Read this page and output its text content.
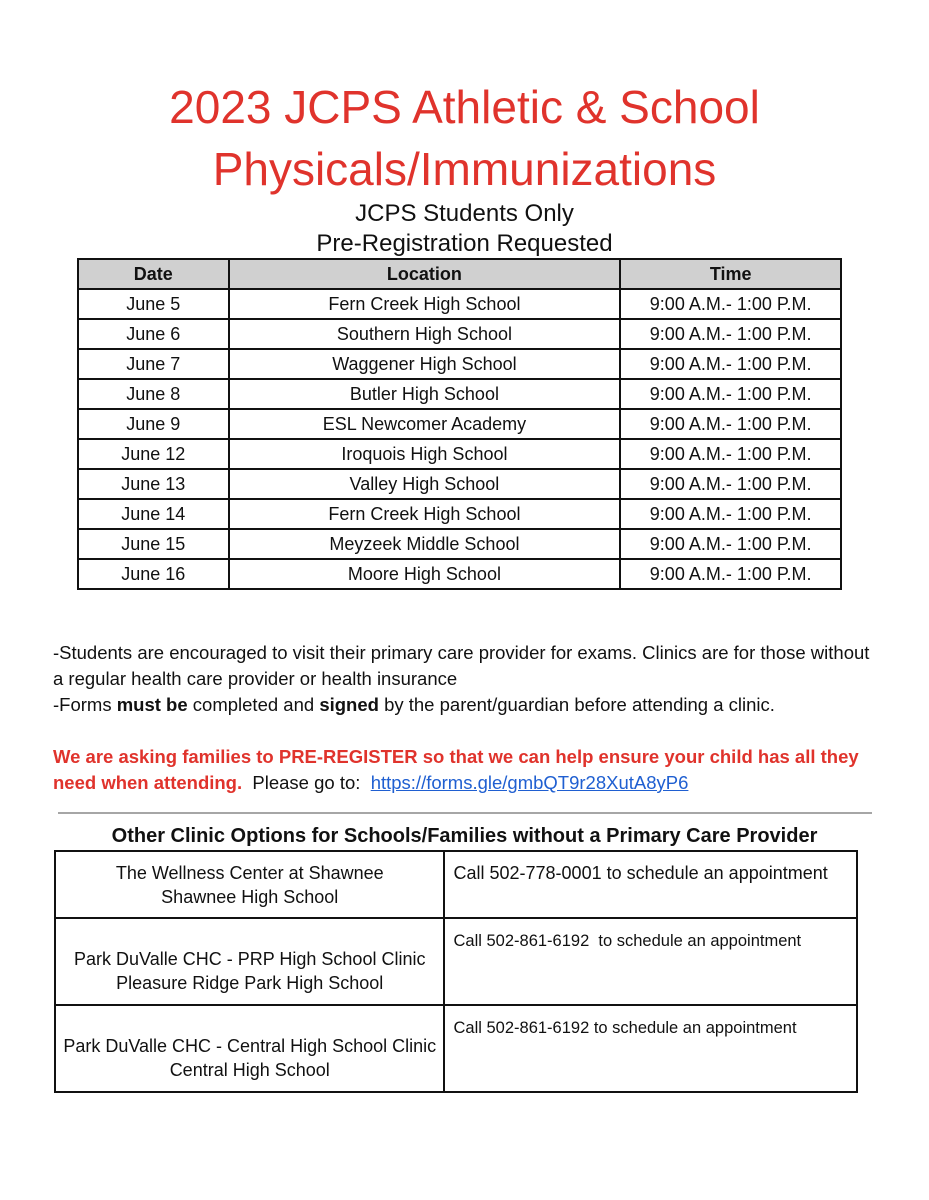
2023 JCPS Athletic & School
Physicals/Immunizations
JCPS Students Only
Pre-Registration Requested
Date	Location	Time
June 5	Fern Creek High School	9:00 A.M.- 1:00 P.M.
June 6	Southern High School	9:00 A.M.- 1:00 P.M.
June 7	Waggener High School	9:00 A.M.- 1:00 P.M.
June 8	Butler High School	9:00 A.M.- 1:00 P.M.
June 9	ESL Newcomer Academy	9:00 A.M.- 1:00 P.M.
June 12	Iroquois High School	9:00 A.M.- 1:00 P.M.
June 13	Valley High School	9:00 A.M.- 1:00 P.M.
June 14	Fern Creek High School	9:00 A.M.- 1:00 P.M.
June 15	Meyzeek Middle School	9:00 A.M.- 1:00 P.M.
June 16	Moore High School	9:00 A.M.- 1:00 P.M.

-Students are encouraged to visit their primary care provider for exams. Clinics are for those without a regular health care provider or health insurance

-Forms must be completed and signed by the parent/guardian before attending a clinic.

We are asking families to PRE-REGISTER so that we can help ensure your child has all they need when attending.  Please go to:  https://forms.gle/gmbQT9r28XutA8yP6
Other Clinic Options for Schools/Families without a Primary Care Provider
The Wellness Center at Shawnee
Shawnee High School	Call 502-778-0001 to schedule an appointment

Park DuValle CHC - PRP High School Clinic
Pleasure Ridge Park High School	Call 502-861-6192  to schedule an appointment

Park DuValle CHC - Central High School Clinic
Central High School	Call 502-861-6192 to schedule an appointment
